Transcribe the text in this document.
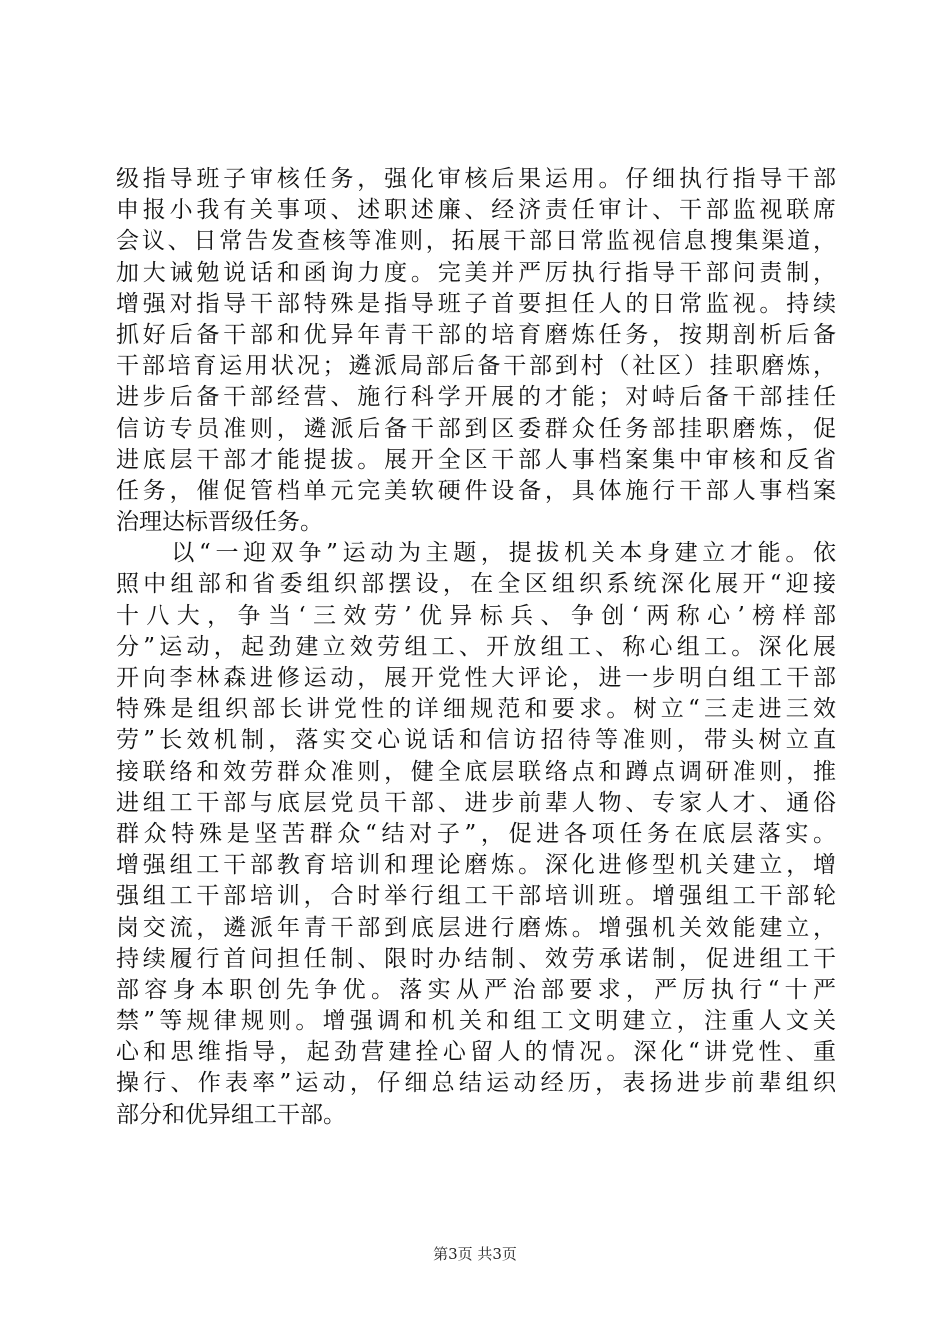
级指导班子审核任务，强化审核后果运用。仔细执行指导干部
申报小我有关事项、述职述廉、经济责任审计、干部监视联席
会议、日常告发查核等准则，拓展干部日常监视信息搜集渠道，
加大诫勉说话和函询力度。完美并严厉执行指导干部问责制，
增强对指导干部特殊是指导班子首要担任人的日常监视。持续
抓好后备干部和优异年青干部的培育磨炼任务，按期剖析后备
干部培育运用状况；遴派局部后备干部到村（社区）挂职磨炼，
进步后备干部经营、施行科学开展的才能；对峙后备干部挂任
信访专员准则，遴派后备干部到区委群众任务部挂职磨炼，促
进底层干部才能提拔。展开全区干部人事档案集中审核和反省
任务，催促管档单元完美软硬件设备，具体施行干部人事档案
治理达标晋级任务。
　　以“一迎双争”运动为主题，提拔机关本身建立才能。依
照中组部和省委组织部摆设，在全区组织系统深化展开“迎接
十八大，争当‘三效劳’优异标兵、争创‘两称心’榜样部
分”运动，起劲建立效劳组工、开放组工、称心组工。深化展
开向李林森进修运动，展开党性大评论，进一步明白组工干部
特殊是组织部长讲党性的详细规范和要求。树立“三走进三效
劳”长效机制，落实交心说话和信访招待等准则，带头树立直
接联络和效劳群众准则，健全底层联络点和蹲点调研准则，推
进组工干部与底层党员干部、进步前辈人物、专家人才、通俗
群众特殊是坚苦群众“结对子”，促进各项任务在底层落实。
增强组工干部教育培训和理论磨炼。深化进修型机关建立，增
强组工干部培训，合时举行组工干部培训班。增强组工干部轮
岗交流，遴派年青干部到底层进行磨炼。增强机关效能建立，
持续履行首问担任制、限时办结制、效劳承诺制，促进组工干
部容身本职创先争优。落实从严治部要求，严厉执行“十严
禁”等规律规则。增强调和机关和组工文明建立，注重人文关
心和思维指导，起劲营建拴心留人的情况。深化“讲党性、重
操行、作表率”运动，仔细总结运动经历，表扬进步前辈组织
部分和优异组工干部。
第3页 共3页
